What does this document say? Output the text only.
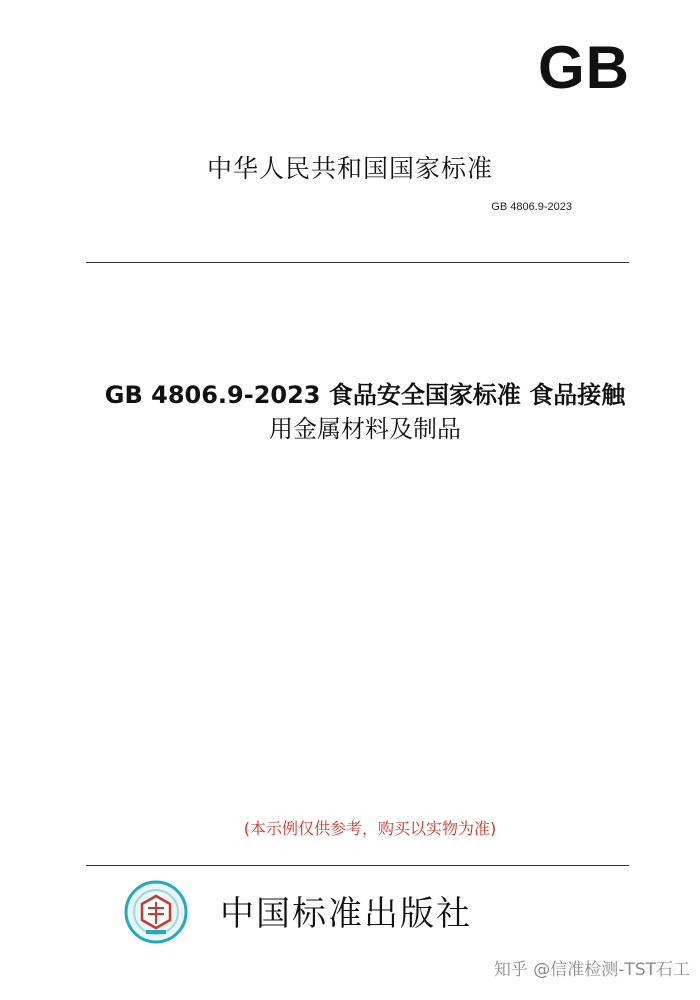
GB
中华人民共和国国家标准
GB 4806.9-2023
GB 4806.9-2023 食品安全国家标准 食品接触
用金属材料及制品
(本示例仅供参考，购买以实物为准)
中国标准出版社
知乎 @信准检测-TST石工
